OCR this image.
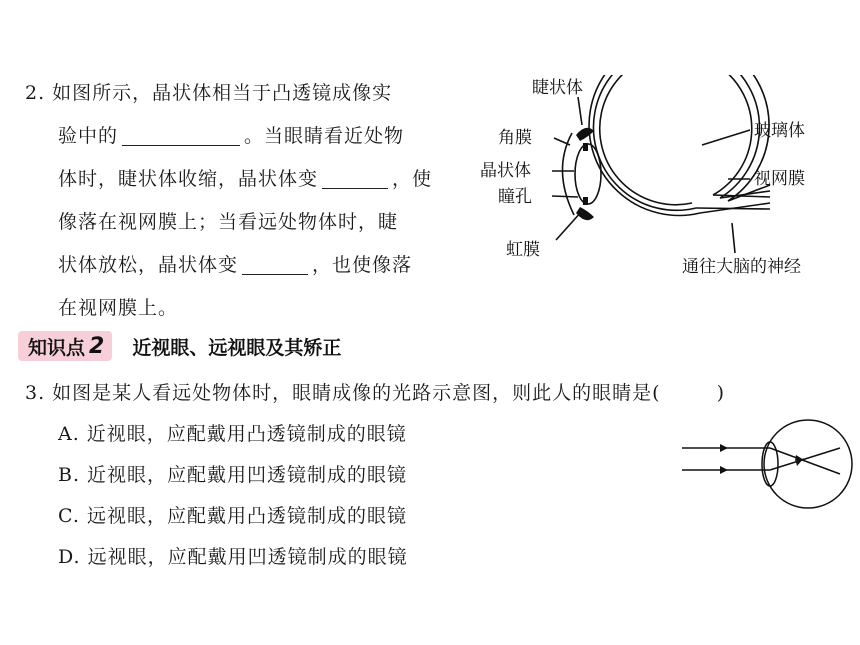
2. 如图所示，晶状体相当于凸透镜成像实
验中的	。当眼睛看近处物
体时，睫状体收缩，晶状体变	，使
像落在视网膜上；当看远处物体时，睫
状体放松，晶状体变	，也使像落
在视网膜上。
睫状体
角膜
晶状体
瞳孔
虹膜
玻璃体
视网膜
通往大脑的神经
知识点 2 近视眼、远视眼及其矫正
3. 如图是某人看远处物体时，眼睛成像的光路示意图，则此人的眼睛是(	)
A. 近视眼，应配戴用凸透镜制成的眼镜
B. 近视眼，应配戴用凹透镜制成的眼镜
C. 远视眼，应配戴用凸透镜制成的眼镜
D. 远视眼，应配戴用凹透镜制成的眼镜
